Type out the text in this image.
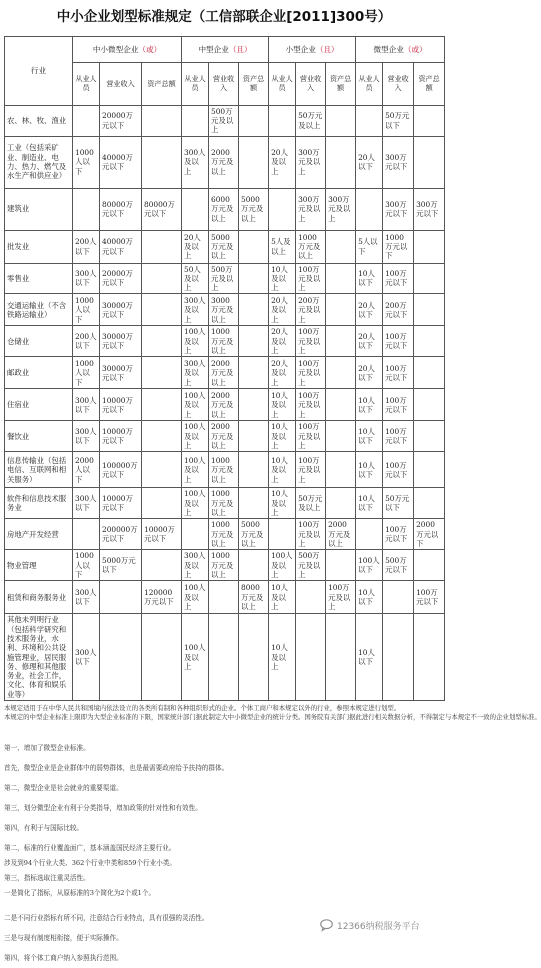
中小企业划型标准规定（工信部联企业[2011]300号）
行业	中小微型企业（或）			中型企业（且）			小型企业（且）			微型企业（或）		
	从业人员	营业收入	资产总额	从业人员	营业收入	资产总额	从业人员	营业收入	资产总额	从业人员	营业收入	资产总额
农、林、牧、渔业		20000万元以下			500万元及以上			50万元及以上			50万元以下	
工业（包括采矿业、制造业、电力、热力、燃气及水生产和供应业）	1000人以下	40000万元以下		300人及以上	2000万元及以上		20人及以上	300万元及以上		20人以下	300万元以下	
建筑业		80000万元以下	80000万元以下		6000万元及以上	5000万元及以上		300万元及以上	300万元及以上		300万元以下	300万元以下
批发业	200人以下	40000万元以下		20人及以上	5000万元及以上		5人及以上	1000万元及以上		5人以下	1000万元以下	
零售业	300人以下	20000万元以下		50人及以上	500万元及以上		10人及以上	100万元及以上		10人以下	100万元以下	
交通运输业（不含铁路运输业）	1000人以下	30000万元以下		300人及以上	3000万元及以上		20人及以上	200万元及以上		20人以下	200万元以下	
仓储业	200人以下	30000万元以下		100人及以上	1000万元及以上		20人及以上	100万元及以上		20人以下	100万元以下	
邮政业	1000人以下	30000万元以下		300人及以上	2000万元及以上		20人及以上	100万元及以上		20人以下	100万元以下	
住宿业	300人以下	10000万元以下		100人及以上	2000万元及以上		10人及以上	100万元及以上		10人以下	100万元以下	
餐饮业	300人以下	10000万元以下		100人及以上	2000万元及以上		10人及以上	100万元及以上		10人以下	100万元以下	
信息传输业（包括电信、互联网和相关服务）	2000人以下	100000万元以下		100人及以上	1000万元及以上		10人及以上	100万元及以上		10人以下	100万元以下	
软件和信息技术服务业	300人以下	10000万元以下		100人及以上	1000万元及以上		10人及以上	50万元及以上		10人以下	50万元以下	
房地产开发经营		200000万元以下	10000万元以下		1000万元及以上	5000万元及以上		100万元及以上	2000万元及以上		100万元以下	2000万元以下
物业管理	1000人以下	5000万元以下		300人及以上	1000万元及以上		100人及以上	500万元及以上		100人以下	500万元以下	
租赁和商务服务业	300人以下		120000万元以下	100人及以上		8000万元及以上	10人及以上		100万元及以上	10人以下		100万元以下
其他未列明行业（包括科学研究和技术服务业，水利、环境和公共设施管理业，居民服务、修理和其他服务业，社会工作，文化、体育和娱乐业等）	300人以下			100人及以上			10人及以上			10人以下		
本规定适用于在中华人民共和国境内依法设立的各类所有制和各种组织形式的企业。个体工商户和本规定以外的行业，参照本规定进行划型。
本规定的中型企业标准上限即为大型企业标准的下限，国家统计部门据此制定大中小微型企业的统计分类。国务院有关部门据此进行相关数据分析，不得制定与本规定不一致的企业划型标准。
第一、增加了微型企业标准。
首先，微型企业是企业群体中的弱势群体，也是最需要政府给予扶持的群体。
第二，微型企业是社会就业的重要渠道。
第三，划分微型企业有利于分类指导，增加政策的针对性和有效性。
第四，有利于与国际比较。
第二，标准的行业覆盖面广，基本涵盖国民经济主要行业。
涉及到94个行业大类、362个行业中类和859个行业小类。
第三，指标选取注重灵活性。
一是简化了指标，从原标准的3个简化为2个或1个。
二是不同行业指标有所不同，注意结合行业特点，具有很强的灵活性。
三是与现有制度相衔接，便于实际操作。
第四，将个体工商户纳入参照执行范围。
12366纳税服务平台
